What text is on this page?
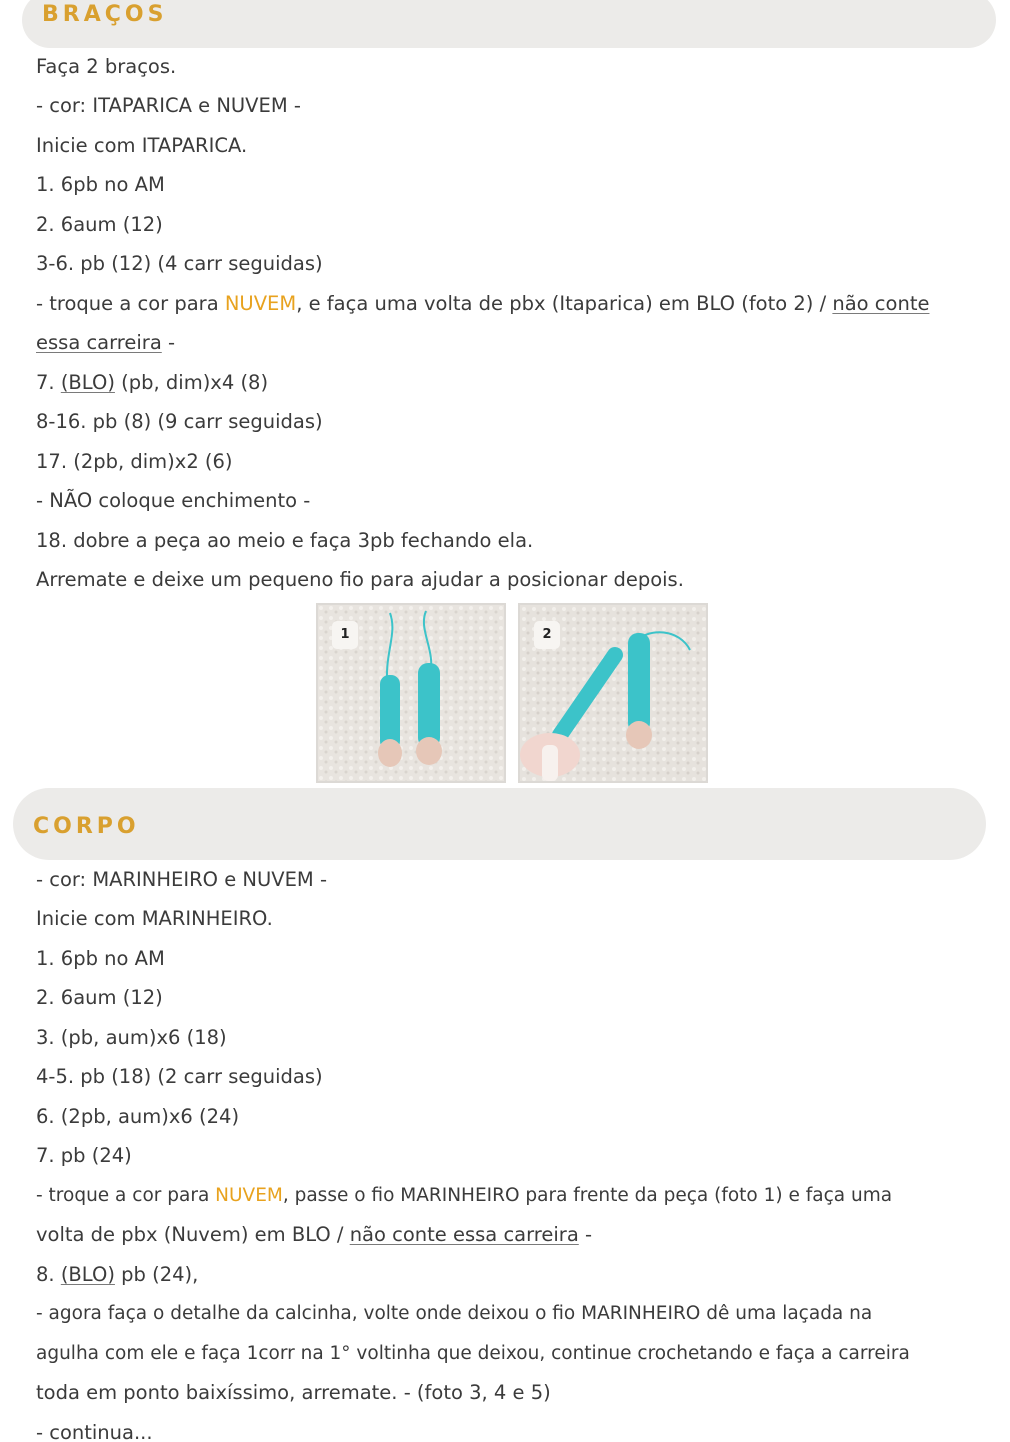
BRAÇOS
Faça 2 braços.
- cor: ITAPARICA e NUVEM -
Inicie com ITAPARICA.
1. 6pb no AM
2. 6aum (12)
3-6. pb (12) (4 carr seguidas)
- troque a cor para NUVEM, e faça uma volta de pbx (Itaparica) em BLO (foto 2) / não conte
essa carreira -
7. (BLO) (pb, dim)x4 (8)
8-16. pb (8) (9 carr seguidas)
17. (2pb, dim)x2 (6)
- NÃO coloque enchimento -
18. dobre a peça ao meio e faça 3pb fechando ela.
Arremate e deixe um pequeno fio para ajudar a posicionar depois.
1	2
CORPO
- cor: MARINHEIRO e NUVEM -
Inicie com MARINHEIRO.
1. 6pb no AM
2. 6aum (12)
3. (pb, aum)x6 (18)
4-5. pb (18) (2 carr seguidas)
6. (2pb, aum)x6 (24)
7. pb (24)
- troque a cor para NUVEM, passe o fio MARINHEIRO para frente da peça (foto 1) e faça uma
volta de pbx (Nuvem) em BLO / não conte essa carreira -
8. (BLO) pb (24),
- agora faça o detalhe da calcinha, volte onde deixou o fio MARINHEIRO dê uma laçada na
agulha com ele e faça 1corr na 1° voltinha que deixou, continue crochetando e faça a carreira
toda em ponto baixíssimo, arremate. - (foto 3, 4 e 5)
- continua...
